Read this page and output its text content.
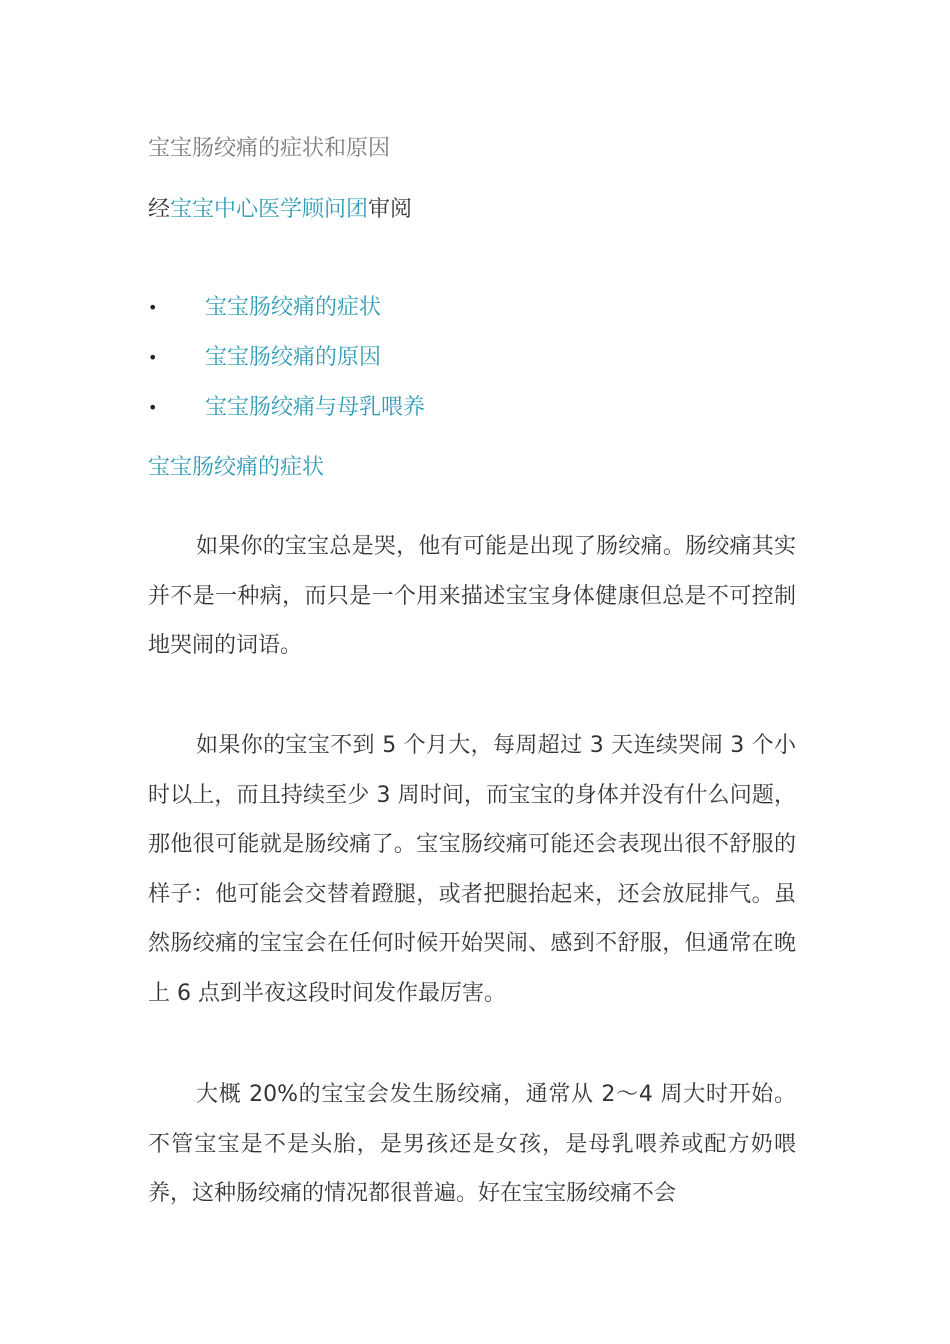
宝宝肠绞痛的症状和原因
经宝宝中心医学顾问团审阅
• 宝宝肠绞痛的症状
• 宝宝肠绞痛的原因
• 宝宝肠绞痛与母乳喂养
宝宝肠绞痛的症状

如果你的宝宝总是哭，他有可能是出现了肠绞痛。肠绞痛其实并不是一种病，而只是一个用来描述宝宝身体健康但总是不可控制地哭闹的词语。

如果你的宝宝不到 5 个月大，每周超过 3 天连续哭闹 3 个小时以上，而且持续至少 3 周时间，而宝宝的身体并没有什么问题，那他很可能就是肠绞痛了。宝宝肠绞痛可能还会表现出很不舒服的样子：他可能会交替着蹬腿，或者把腿抬起来，还会放屁排气。虽然肠绞痛的宝宝会在任何时候开始哭闹、感到不舒服，但通常在晚上 6 点到半夜这段时间发作最厉害。

大概 20%的宝宝会发生肠绞痛，通常从 2～4 周大时开始。不管宝宝是不是头胎，是男孩还是女孩，是母乳喂养或配方奶喂养，这种肠绞痛的情况都很普遍。好在宝宝肠绞痛不会
